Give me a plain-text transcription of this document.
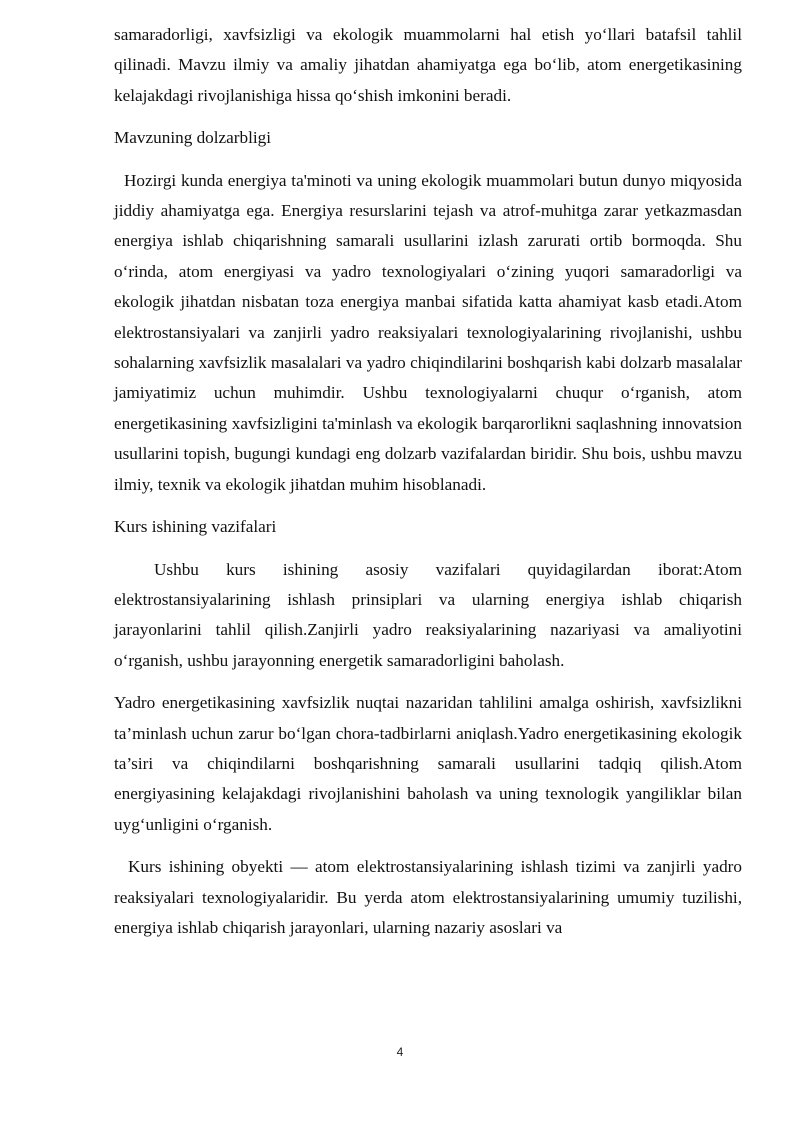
samaradorligi, xavfsizligi va ekologik muammolarni hal etish yo‘llari batafsil tahlil qilinadi. Mavzu ilmiy va amaliy jihatdan ahamiyatga ega bo‘lib, atom energetikasining kelajakdagi rivojlanishiga hissa qo‘shish imkonini beradi.

Mavzuning dolzarbligi

Hozirgi kunda energiya ta'minoti va uning ekologik muammolari butun dunyo miqyosida jiddiy ahamiyatga ega. Energiya resurslarini tejash va atrof-muhitga zarar yetkazmasdan energiya ishlab chiqarishning samarali usullarini izlash zarurati ortib bormoqda. Shu o‘rinda, atom energiyasi va yadro texnologiyalari o‘zining yuqori samaradorligi va ekologik jihatdan nisbatan toza energiya manbai sifatida katta ahamiyat kasb etadi.Atom elektrostansiyalari va zanjirli yadro reaksiyalari texnologiyalarining rivojlanishi, ushbu sohalarning xavfsizlik masalalari va yadro chiqindilarini boshqarish kabi dolzarb masalalar jamiyatimiz uchun muhimdir. Ushbu texnologiyalarni chuqur o‘rganish, atom energetikasining xavfsizligini ta'minlash va ekologik barqarorlikni saqlashning innovatsion usullarini topish, bugungi kundagi eng dolzarb vazifalardan biridir. Shu bois, ushbu mavzu ilmiy, texnik va ekologik jihatdan muhim hisoblanadi.

Kurs ishining vazifalari

Ushbu kurs ishining asosiy vazifalari quyidagilardan iborat:Atom elektrostansiyalarining ishlash prinsiplari va ularning energiya ishlab chiqarish jarayonlarini tahlil qilish.Zanjirli yadro reaksiyalarining nazariyasi va amaliyotini o‘rganish, ushbu jarayonning energetik samaradorligini baholash.

Yadro energetikasining xavfsizlik nuqtai nazaridan tahlilini amalga oshirish, xavfsizlikni ta’minlash uchun zarur bo‘lgan chora-tadbirlarni aniqlash.Yadro energetikasining ekologik ta’siri va chiqindilarni boshqarishning samarali usullarini tadqiq qilish.Atom energiyasining kelajakdagi rivojlanishini baholash va uning texnologik yangiliklar bilan uyg‘unligini o‘rganish.

Kurs ishining obyekti — atom elektrostansiyalarining ishlash tizimi va zanjirli yadro reaksiyalari texnologiyalaridir. Bu yerda atom elektrostansiyalarining umumiy tuzilishi, energiya ishlab chiqarish jarayonlari, ularning nazariy asoslari va

4
